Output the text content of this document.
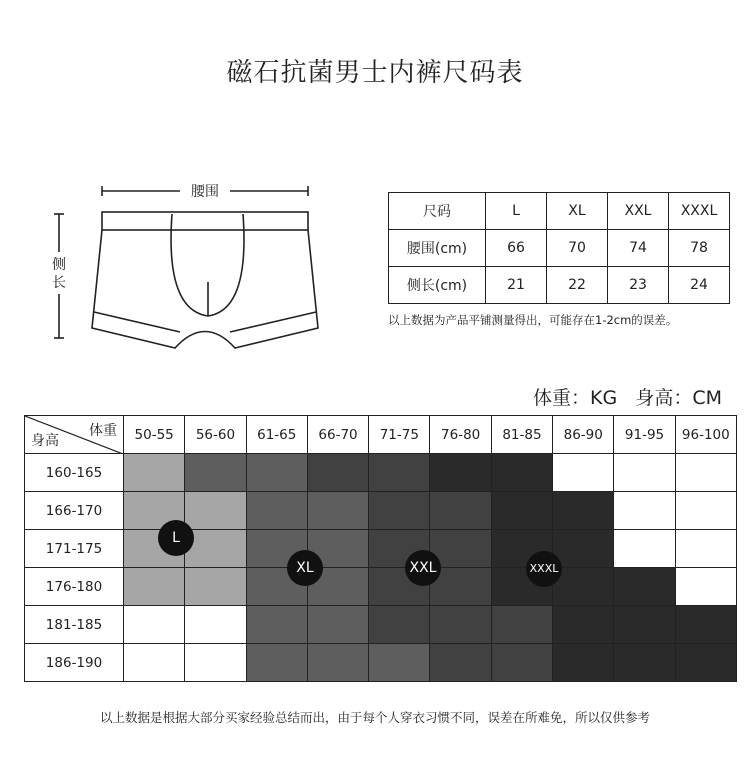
磁石抗菌男士内裤尺码表
腰围
侧
长
尺码	L	XL	XXL	XXXL
腰围(cm)	66	70	74	78
侧长(cm)	21	22	23	24
以上数据为产品平铺测量得出，可能存在1-2cm的误差。
体重：KG   身高：CM
体重
身高	50-55	56-60	61-65	66-70	71-75	76-80	81-85	86-90	91-95	96-100
160-165										
166-170										
171-175										
176-180										
181-185										
186-190										
L
XL	XXL	XXXL
以上数据是根据大部分买家经验总结而出，由于每个人穿衣习惯不同，误差在所难免，所以仅供参考
